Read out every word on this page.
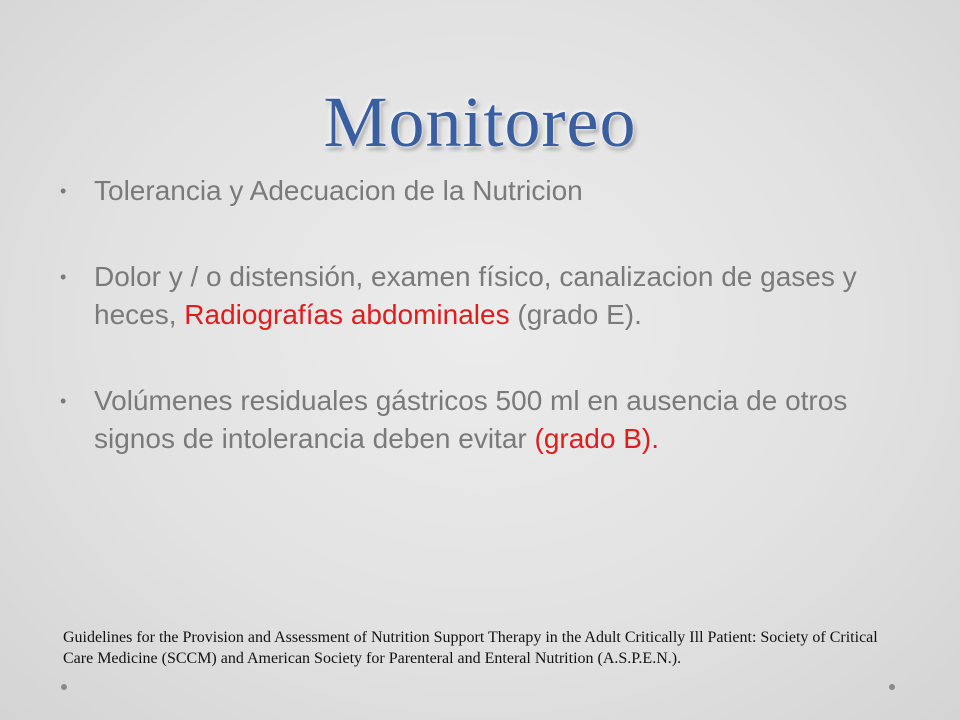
Monitoreo
• Tolerancia y Adecuacion de la Nutricion
• Dolor y / o distensión, examen físico, canalizacion de gases y heces, Radiografías abdominales (grado E).
• Volúmenes residuales gástricos 500 ml en ausencia de otros signos de intolerancia deben evitar (grado B).
Guidelines for the Provision and Assessment of Nutrition Support Therapy in the Adult Critically Ill Patient: Society of Critical Care Medicine (SCCM) and American Society for Parenteral and Enteral Nutrition (A.S.P.E.N.).
